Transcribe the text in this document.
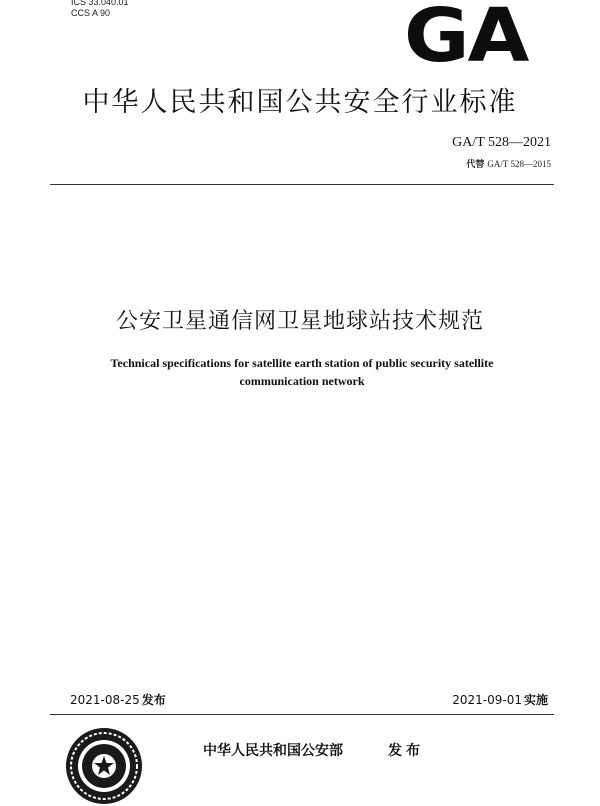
ICS 33.040.01
CCS A 90	GA
中华人民共和国公共安全行业标准
GA/T 528—2021
代替 GA/T 528—2015
公安卫星通信网卫星地球站技术规范
Technical specifications for satellite earth station of public security satellite
communication network
2021-08-25 发布	2021-09-01 实施
中华人民共和国公安部	发布
